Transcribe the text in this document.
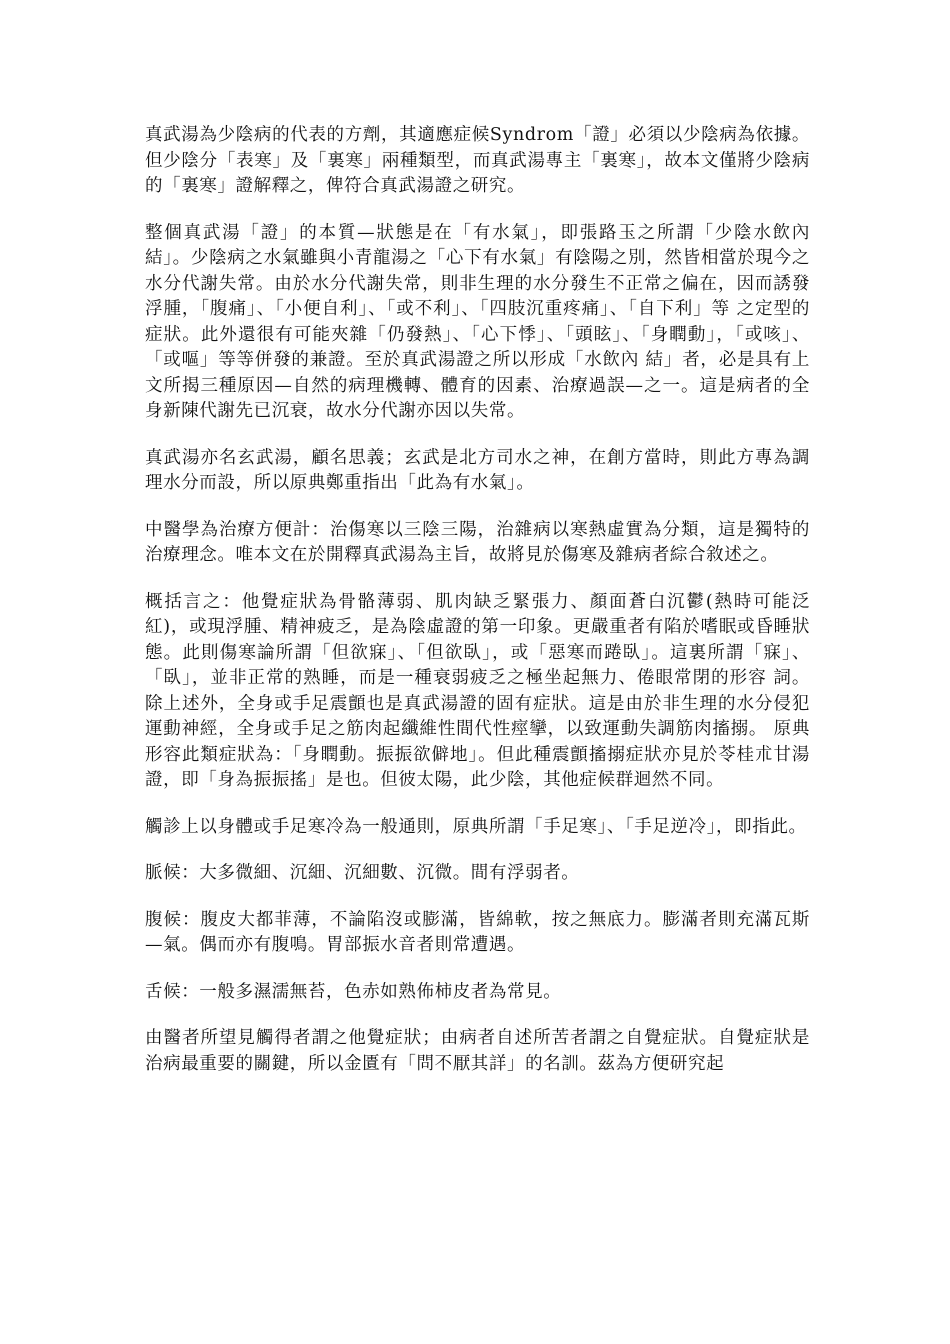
真武湯為少陰病的代表的方劑，其適應症候Syndrom「證」必須以少陰病為依據。但少陰分「表寒」及「裏寒」兩種類型，而真武湯專主「裏寒」，故本文僅將少陰病的「裏寒」證解釋之，俾符合真武湯證之研究。

整個真武湯「證」的本質—狀態是在「有水氣」，即張路玉之所謂「少陰水飲內結」。少陰病之水氣雖與小青龍湯之「心下有水氣」有陰陽之別，然皆相當於現今之 水分代謝失常。由於水分代謝失常，則非生理的水分發生不正常之偏在，因而誘發浮腫，「腹痛」、「小便自利」、「或不利」、「四肢沉重疼痛」、「自下利」等 之定型的症狀。此外還很有可能夾雜「仍發熱」、「心下悸」、「頭眩」、「身瞤動」，「或咳」、「或嘔」等等併發的兼證。至於真武湯證之所以形成「水飲內 結」者，必是具有上文所揭三種原因—自然的病理機轉、體育的因素、治療過誤—之一。這是病者的全身新陳代謝先已沉衰，故水分代謝亦因以失常。

真武湯亦名玄武湯，顧名思義；玄武是北方司水之神，在創方當時，則此方專為調理水分而設，所以原典鄭重指出「此為有水氣」。

中醫學為治療方便計：治傷寒以三陰三陽，治雜病以寒熱虛實為分類，這是獨特的治療理念。唯本文在於開釋真武湯為主旨，故將見於傷寒及雜病者綜合敘述之。

概括言之：他覺症狀為骨骼薄弱、肌肉缺乏緊張力、顏面蒼白沉鬱(熱時可能泛紅)，或現浮腫、精神疲乏，是為陰虛證的第一印象。更嚴重者有陷於嗜眠或昏睡狀 態。此則傷寒論所謂「但欲寐」、「但欲臥」，或「惡寒而踡臥」。這裏所謂「寐」、「臥」，並非正常的熟睡，而是一種衰弱疲乏之極坐起無力、倦眼常閉的形容 詞。除上述外，全身或手足震顫也是真武湯證的固有症狀。這是由於非生理的水分侵犯運動神經，全身或手足之筋肉起纖維性間代性痙攣，以致運動失調筋肉搐搦。 原典形容此類症狀為：「身瞤動。振振欲僻地」。但此種震顫搐搦症狀亦見於苓桂朮甘湯證，即「身為振振搖」是也。但彼太陽，此少陰，其他症候群迴然不同。

觸診上以身體或手足寒冷為一般通則，原典所謂「手足寒」、「手足逆冷」，即指此。

脈候：大多微細、沉細、沉細數、沉微。間有浮弱者。

腹候：腹皮大都菲薄，不論陷沒或膨滿，皆綿軟，按之無底力。膨滿者則充滿瓦斯—氣。偶而亦有腹鳴。胃部振水音者則常遭遇。

舌候：一般多濕濡無苔，色赤如熟佈柿皮者為常見。

由醫者所望見觸得者謂之他覺症狀；由病者自述所苦者謂之自覺症狀。自覺症狀是治病最重要的關鍵，所以金匱有「問不厭其詳」的名訓。茲為方便研究起
